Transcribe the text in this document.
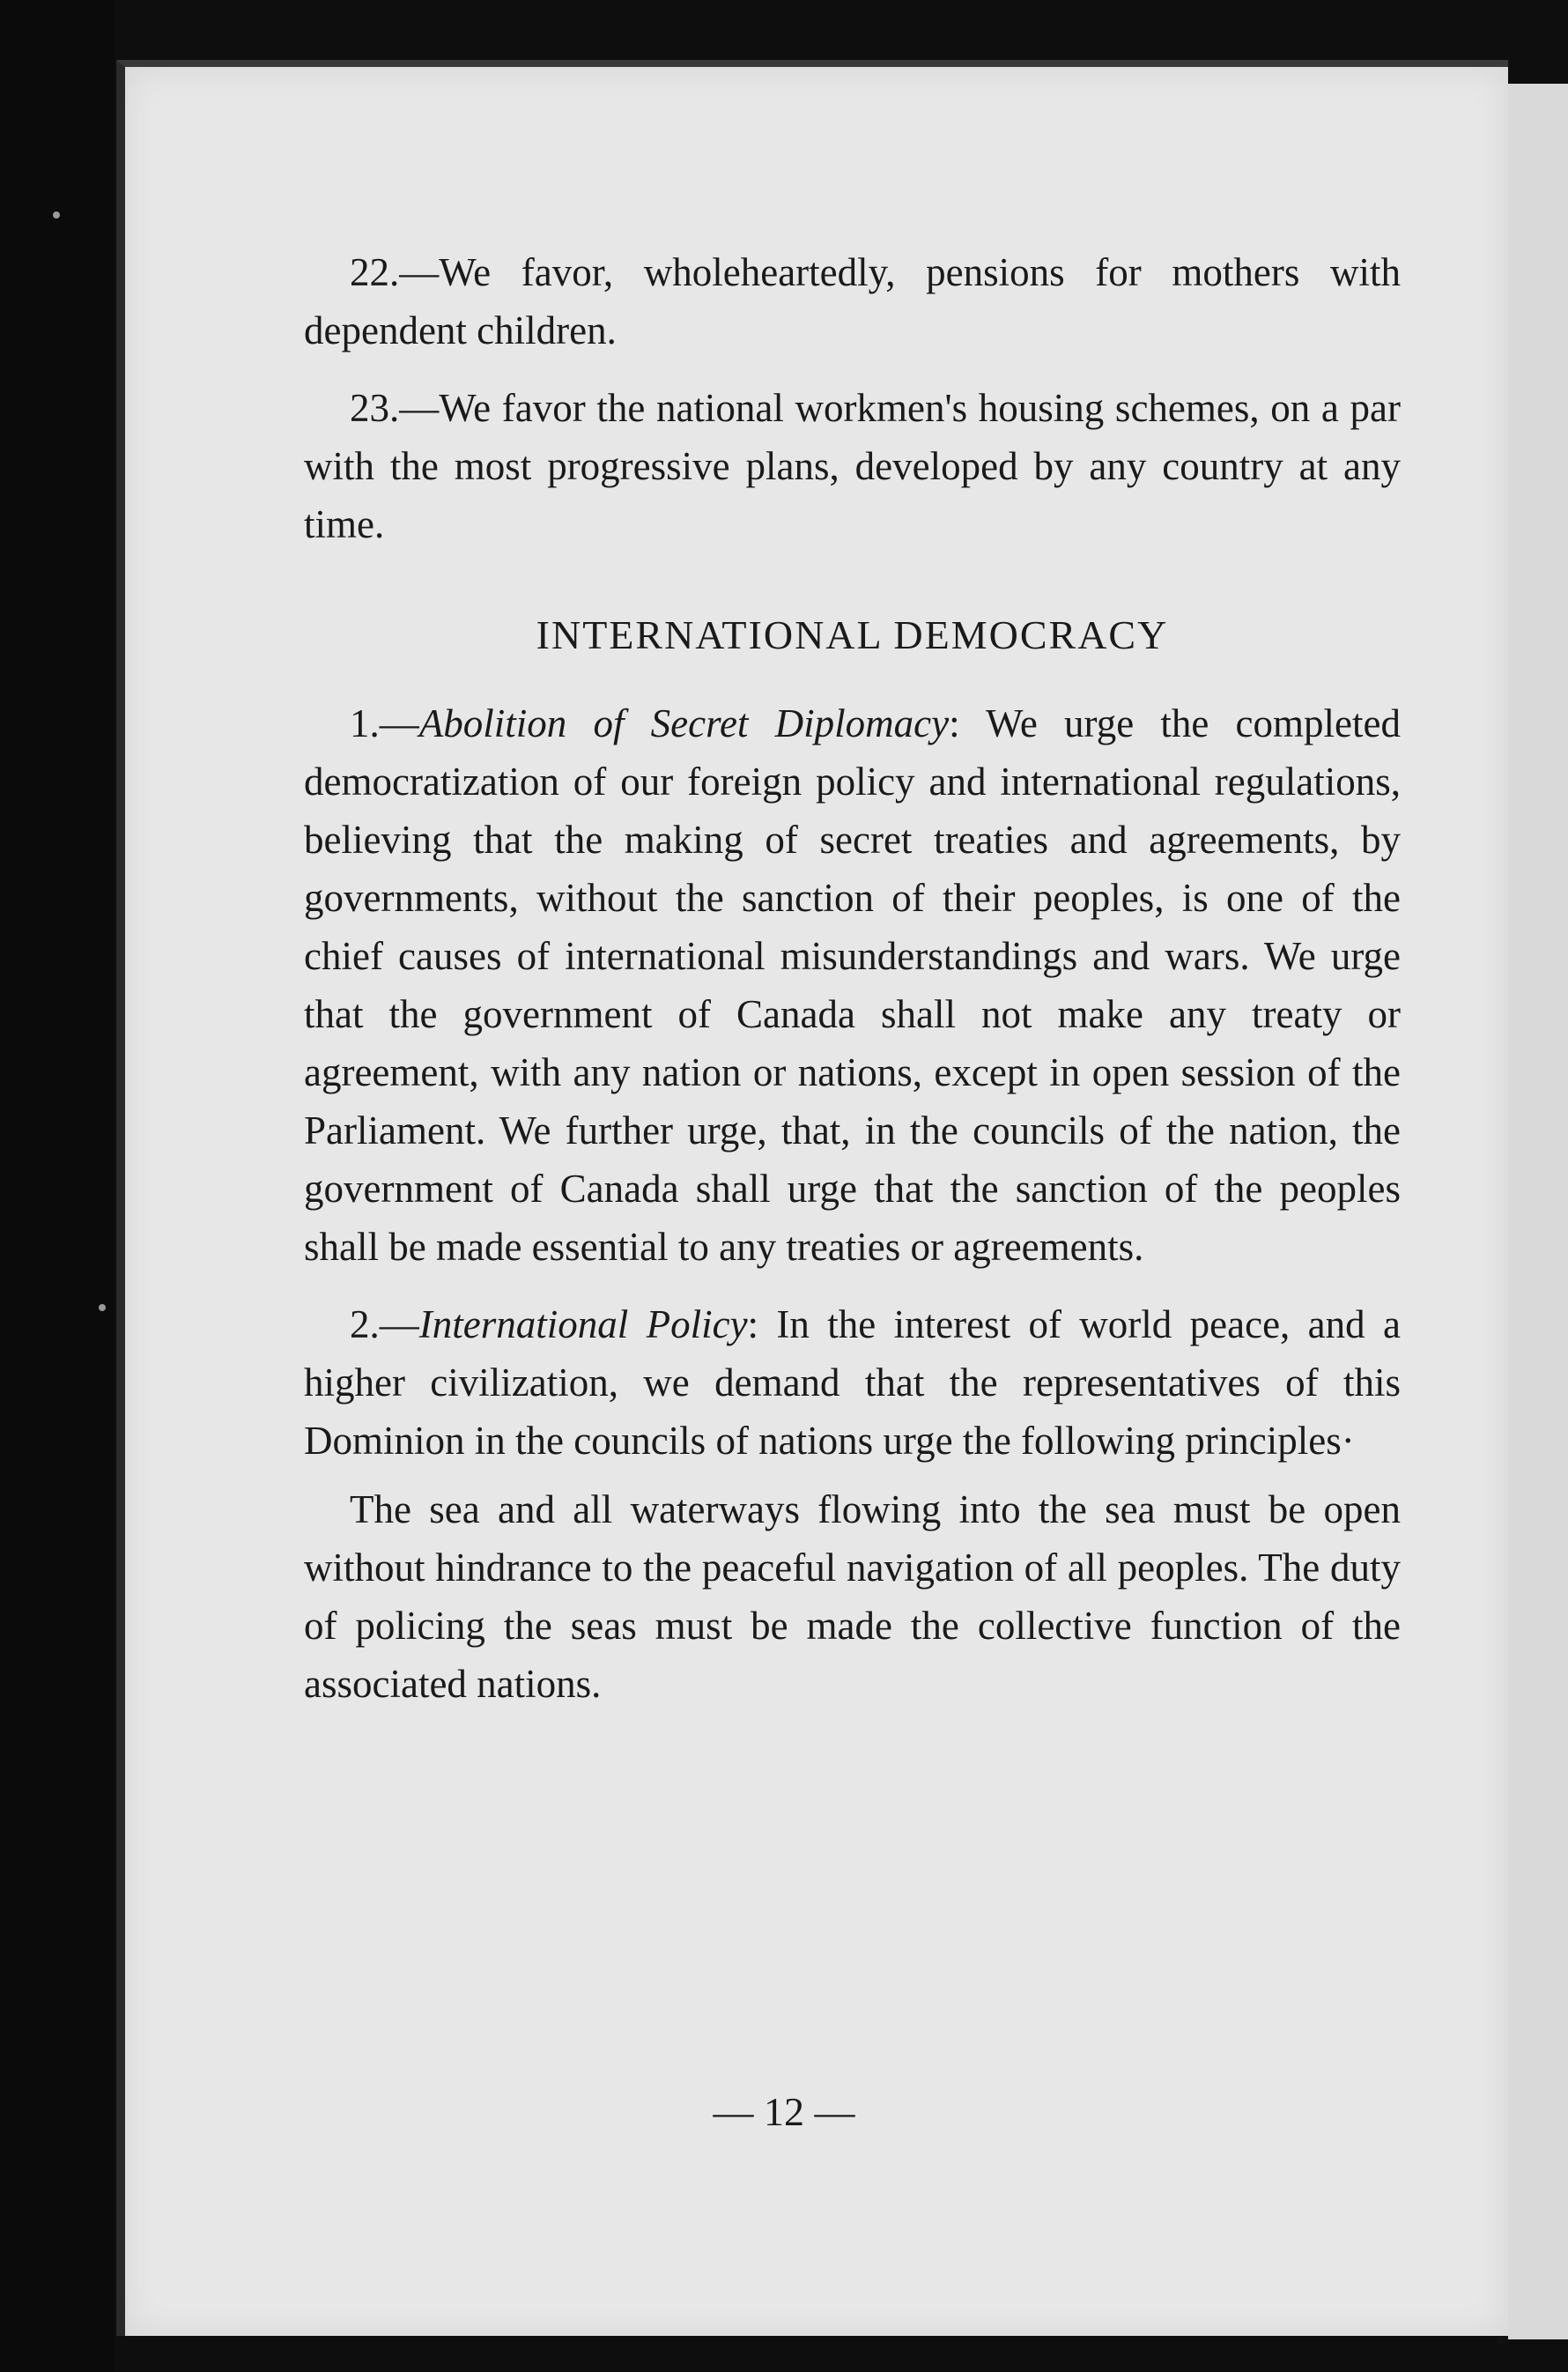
22.—We favor, wholeheartedly, pensions for mothers with dependent children.

23.—We favor the national workmen's housing schemes, on a par with the most progressive plans, developed by any country at any time.

INTERNATIONAL DEMOCRACY

1.—Abolition of Secret Diplomacy: We urge the completed democratization of our foreign policy and international regulations, believing that the making of secret treaties and agreements, by governments, without the sanction of their peoples, is one of the chief causes of international misunderstandings and wars. We urge that the government of Canada shall not make any treaty or agreement, with any nation or nations, except in open session of the Parliament. We further urge, that, in the councils of the nation, the government of Canada shall urge that the sanction of the peoples shall be made essential to any treaties or agreements.

2.—International Policy: In the interest of world peace, and a higher civilization, we demand that the representatives of this Dominion in the councils of nations urge the following principles·

The sea and all waterways flowing into the sea must be open without hindrance to the peaceful navigation of all peoples. The duty of policing the seas must be made the collective function of the associated nations.

— 12 —
